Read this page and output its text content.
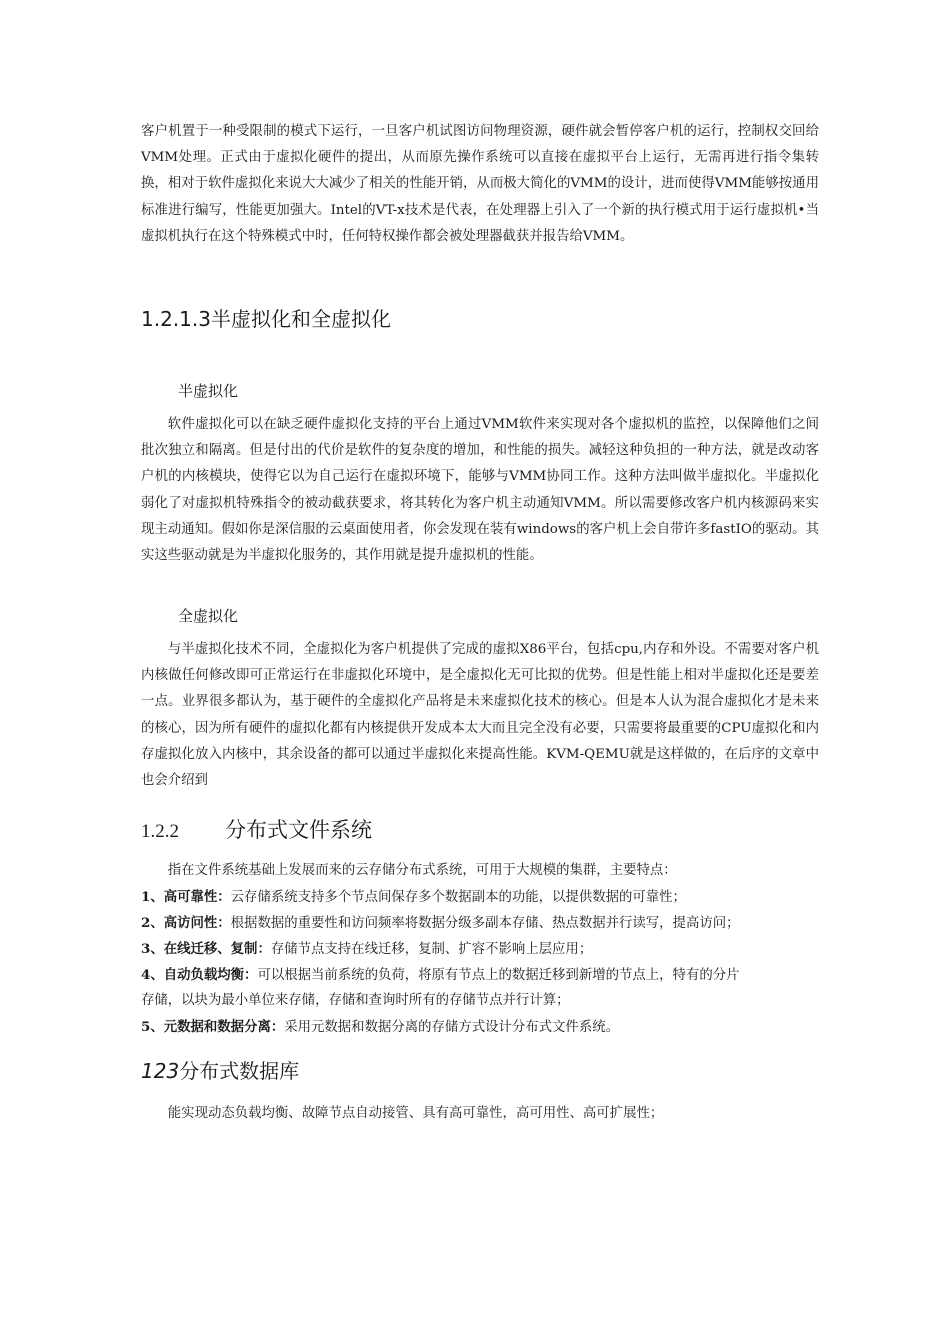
客户机置于一种受限制的模式下运行，一旦客户机试图访问物理资源，硬件就会暂停客户机的运行，控制权交回给VMM处理。正式由于虚拟化硬件的提出，从而原先操作系统可以直接在虚拟平台上运行，无需再进行指令集转换，相对于软件虚拟化来说大大减少了相关的性能开销，从而极大简化的VMM的设计，进而使得VMM能够按通用标准进行编写，性能更加强大。Intel的VT-x技术是代表，在处理器上引入了一个新的执行模式用于运行虚拟机•当虚拟机执行在这个特殊模式中时，任何特权操作都会被处理器截获并报告给VMM。
1.2.1.3半虚拟化和全虚拟化
半虚拟化
软件虚拟化可以在缺乏硬件虚拟化支持的平台上通过VMM软件来实现对各个虚拟机的监控，以保障他们之间批次独立和隔离。但是付出的代价是软件的复杂度的增加，和性能的损失。减轻这种负担的一种方法，就是改动客户机的内核模块，使得它以为自己运行在虚拟环境下，能够与VMM协同工作。这种方法叫做半虚拟化。半虚拟化弱化了对虚拟机特殊指令的被动截获要求，将其转化为客户机主动通知VMM。所以需要修改客户机内核源码来实现主动通知。假如你是深信服的云桌面使用者，你会发现在装有windows的客户机上会自带许多fastIO的驱动。其实这些驱动就是为半虚拟化服务的，其作用就是提升虚拟机的性能。
全虚拟化
与半虚拟化技术不同，全虚拟化为客户机提供了完成的虚拟X86平台，包括cpu,内存和外设。不需要对客户机内核做任何修改即可正常运行在非虚拟化环境中，是全虚拟化无可比拟的优势。但是性能上相对半虚拟化还是要差一点。业界很多都认为，基于硬件的全虚拟化产品将是未来虚拟化技术的核心。但是本人认为混合虚拟化才是未来的核心，因为所有硬件的虚拟化都有内核提供开发成本太大而且完全没有必要，只需要将最重要的CPU虚拟化和内存虚拟化放入内核中，其余设备的都可以通过半虚拟化来提高性能。KVM-QEMU就是这样做的，在后序的文章中也会介绍到
1.2.2 分布式文件系统
指在文件系统基础上发展而来的云存储分布式系统，可用于大规模的集群，主要特点：
1、高可靠性：云存储系统支持多个节点间保存多个数据副本的功能，以提供数据的可靠性；
2、高访问性：根据数据的重要性和访问频率将数据分级多副本存储、热点数据并行读写，提高访问；
3、在线迁移、复制：存储节点支持在线迁移，复制、扩容不影响上层应用；
4、自动负载均衡：可以根据当前系统的负荷，将原有节点上的数据迁移到新增的节点上，特有的分片
存储，以块为最小单位来存储，存储和查询时所有的存储节点并行计算；
5、元数据和数据分离：采用元数据和数据分离的存储方式设计分布式文件系统。
123分布式数据库
能实现动态负载均衡、故障节点自动接管、具有高可靠性，高可用性、高可扩展性；
